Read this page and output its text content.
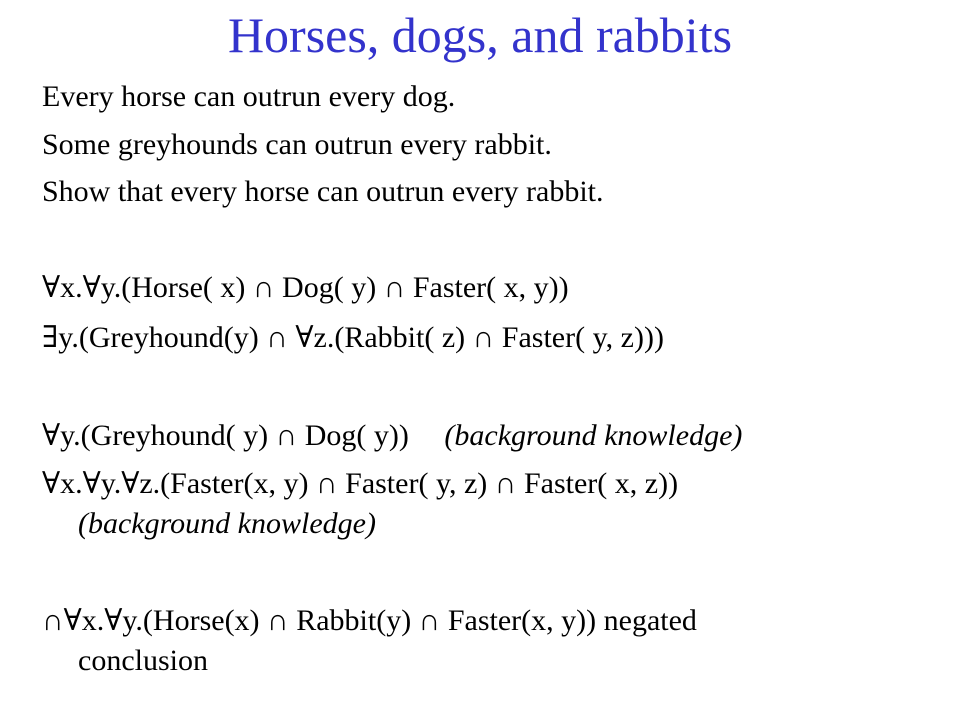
Horses, dogs, and rabbits
Every horse can outrun every dog.
Some greyhounds can outrun every rabbit.
Show that every horse can outrun every rabbit.
∀x.∀y.(Horse( x) ∩ Dog( y) ∩ Faster( x, y))
∃y.(Greyhound(y) ∩ ∀z.(Rabbit( z) ∩ Faster( y, z)))
∀y.(Greyhound( y) ∩ Dog( y)) (background knowledge)
∀x.∀y.∀z.(Faster(x, y) ∩ Faster( y, z) ∩ Faster( x, z))
(background knowledge)
∩∀x.∀y.(Horse(x) ∩ Rabbit(y) ∩ Faster(x, y)) negated
conclusion
